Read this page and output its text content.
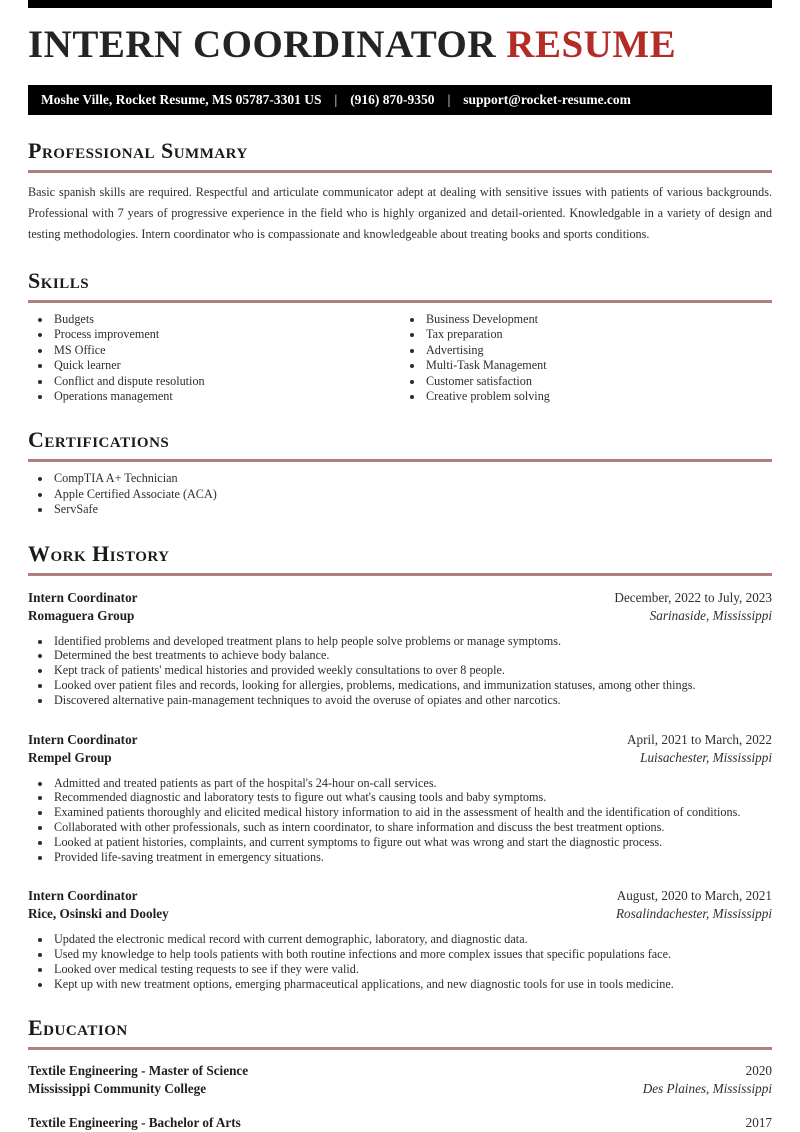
INTERN COORDINATOR RESUME
Moshe Ville, Rocket Resume, MS 05787-3301 US | (916) 870-9350 | support@rocket-resume.com
Professional Summary

Basic spanish skills are required. Respectful and articulate communicator adept at dealing with sensitive issues with patients of various backgrounds. Professional with 7 years of progressive experience in the field who is highly organized and detail-oriented. Knowledgable in a variety of design and testing methodologies. Intern coordinator who is compassionate and knowledgeable about treating books and sports conditions.

Skills
• Budgets
• Process improvement
• MS Office
• Quick learner
• Conflict and dispute resolution
• Operations management
• Business Development
• Tax preparation
• Advertising
• Multi-Task Management
• Customer satisfaction
• Creative problem solving
Certifications
• CompTIA A+ Technician
• Apple Certified Associate (ACA)
• ServSafe
Work History
Intern Coordinator	December, 2022 to July, 2023
Romaguera Group	Sarinaside, Mississippi
• Identified problems and developed treatment plans to help people solve problems or manage symptoms.
• Determined the best treatments to achieve body balance.
• Kept track of patients' medical histories and provided weekly consultations to over 8 people.
• Looked over patient files and records, looking for allergies, problems, medications, and immunization statuses, among other things.
• Discovered alternative pain-management techniques to avoid the overuse of opiates and other narcotics.
Intern Coordinator	April, 2021 to March, 2022
Rempel Group	Luisachester, Mississippi
• Admitted and treated patients as part of the hospital's 24-hour on-call services.
• Recommended diagnostic and laboratory tests to figure out what's causing tools and baby symptoms.
• Examined patients thoroughly and elicited medical history information to aid in the assessment of health and the identification of conditions.
• Collaborated with other professionals, such as intern coordinator, to share information and discuss the best treatment options.
• Looked at patient histories, complaints, and current symptoms to figure out what was wrong and start the diagnostic process.
• Provided life-saving treatment in emergency situations.
Intern Coordinator	August, 2020 to March, 2021
Rice, Osinski and Dooley	Rosalindachester, Mississippi
• Updated the electronic medical record with current demographic, laboratory, and diagnostic data.
• Used my knowledge to help tools patients with both routine infections and more complex issues that specific populations face.
• Looked over medical testing requests to see if they were valid.
• Kept up with new treatment options, emerging pharmaceutical applications, and new diagnostic tools for use in tools medicine.
Education
Textile Engineering - Master of Science	2020
Mississippi Community College	Des Plaines, Mississippi
Textile Engineering - Bachelor of Arts	2017
